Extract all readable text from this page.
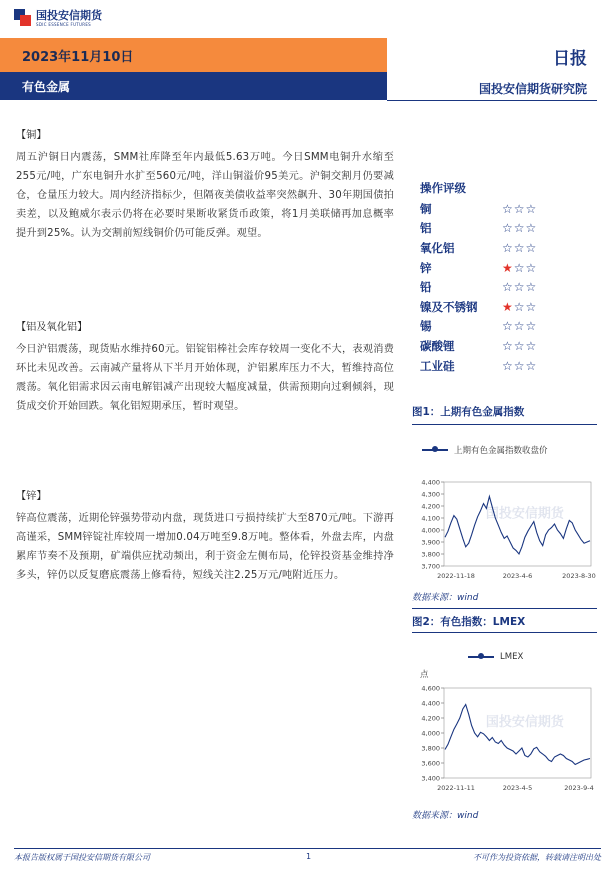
国投安信期货
SDIC ESSENCE FUTURES
2023年11月10日	日报
有色金属	国投安信期货研究院

【铜】

周五沪铜日内震荡，SMM社库降至年内最低5.63万吨。今日SMM电铜升水缩至255元/吨，广东电铜升水扩至560元/吨，洋山铜溢价95美元。沪铜交割月仍要减仓，仓量压力较大。周内经济指标少，但隔夜美债收益率突然飙升、30年期国债拍卖差，以及鲍威尔表示仍将在必要时果断收紧货币政策，将1月美联储再加息概率提升到25%。认为交割前短线铜价仍可能反弹。观望。

【铝及氧化铝】

今日沪铝震荡，现货贴水维持60元。铝锭铝棒社会库存较周一变化不大，表观消费环比未见改善。云南减产量将从下半月开始体现，沪铝累库压力不大，暂维持高位震荡。氧化铝需求因云南电解铝减产出现较大幅度减量，供需预期向过剩倾斜，现货成交价开始回跌。氧化铝短期承压，暂时观望。

【锌】

锌高位震荡，近期伦锌强势带动内盘，现货进口亏损持续扩大至870元/吨。下游再高谨采，SMM锌锭社库较周一增加0.04万吨至9.8万吨。整体看，外盘去库，内盘累库节奏不及预期，矿端供应扰动频出，利于资金左侧布局，伦锌投资基金维持净多头，锌仍以反复磨底震荡上修看待，短线关注2.25万元/吨附近压力。

操作评级
铜	☆☆☆
铝	☆☆☆
氧化铝	☆☆☆
锌	★☆☆
铅	☆☆☆
镍及不锈钢	★☆☆
锡	☆☆☆
碳酸锂	☆☆☆
工业硅	☆☆☆
图1：上期有色金属指数
上期有色金属指数收盘价
3,700
3,800
3,900
4,000
4,100
4,200
4,300
4,400
国投安信期货
2022-11-18	2023-4-6	2023-8-30
数据来源：wind
图2：有色指数：LMEX
LMEX
点
3,400
3,600
3,800
4,000
4,200
4,400
4,600
国投安信期货
2022-11-11	2023-4-5	2023-9-4
数据来源：wind
本报告版权属于国投安信期货有限公司	1	不可作为投资依据，转载请注明出处
